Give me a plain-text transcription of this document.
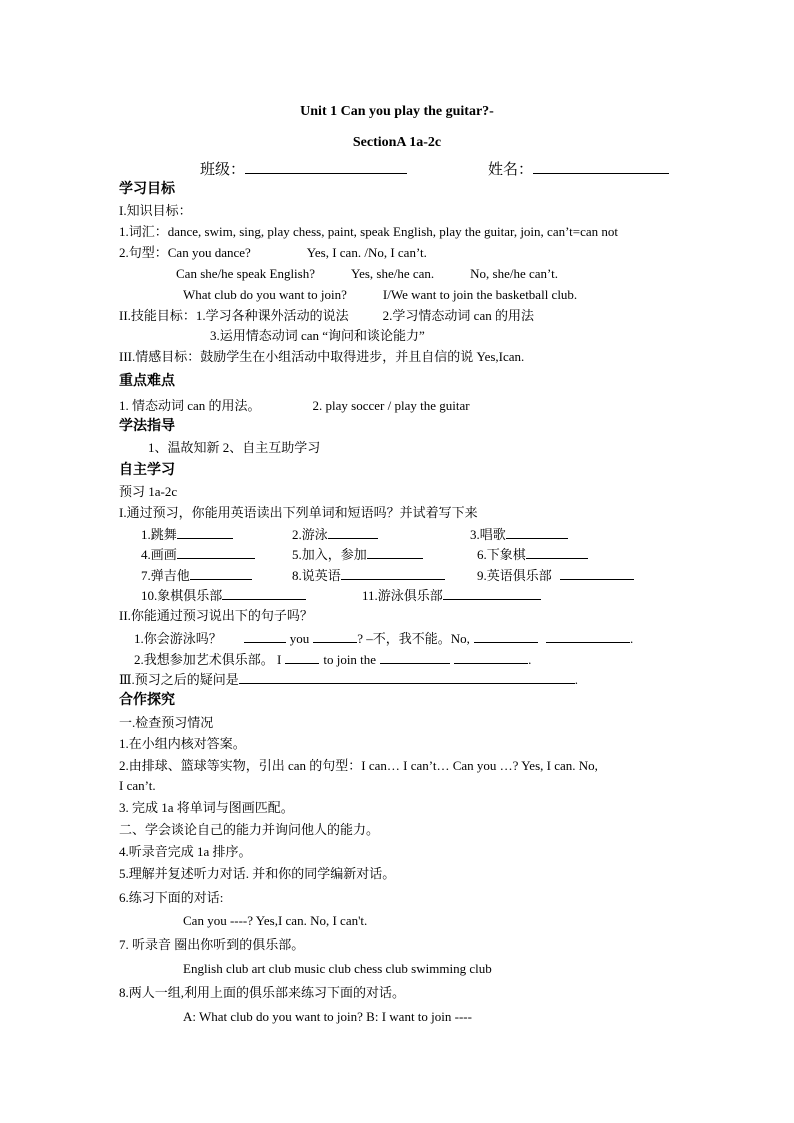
Unit 1 Can you play the guitar?-
SectionA 1a-2c
班级：	姓名：
学习目标
I.知识目标：
1.词汇：dance, swim, sing, play chess, paint, speak English, play the guitar, join, can’t=can not
2.句型：Can you dance?	Yes, I can. /No, I can’t.
Can she/he speak English?	Yes, she/he can.	No, she/he can’t.
What club do you want to join?	I/We want to join the basketball club.
II.技能目标：1.学习各种课外活动的说法	2.学习情态动词 can 的用法
3.运用情态动词 can “询问和谈论能力”
III.情感目标：鼓励学生在小组活动中取得进步，并且自信的说 Yes,Ican.
重点难点
1. 情态动词 can 的用法。	2. play soccer / play the guitar
学法指导
1、温故知新 2、自主互助学习
自主学习
预习 1a-2c
I.通过预习，你能用英语读出下列单词和短语吗？并试着写下来
1.跳舞	2.游泳	3.唱歌
4.画画	5.加入，参加	6.下象棋
7.弹吉他	8.说英语	9.英语俱乐部
10.象棋俱乐部	11.游泳俱乐部
II.你能通过预习说出下的句子吗？
1.你会游泳吗？	you	? –不，我不能。No,	.
2.我想参加艺术俱乐部。 I	to join the	.
Ⅲ.预习之后的疑问是	.
合作探究
一.检查预习情况
1.在小组内核对答案。
2.由排球、篮球等实物，引出 can 的句型：I can… I can’t… Can you …? Yes, I can. No,
I can’t.
3. 完成 1a 将单词与图画匹配。
二、学会谈论自己的能力并询问他人的能力。
4.听录音完成 1a 排序。
5.理解并复述听力对话. 并和你的同学编新对话。
6.练习下面的对话:
Can you ----? Yes,I can. No, I can't.
7. 听录音 圈出你听到的俱乐部。
English club art club music club chess club swimming club
8.两人一组,利用上面的俱乐部来练习下面的对话。
A: What club do you want to join? B: I want to join ----
